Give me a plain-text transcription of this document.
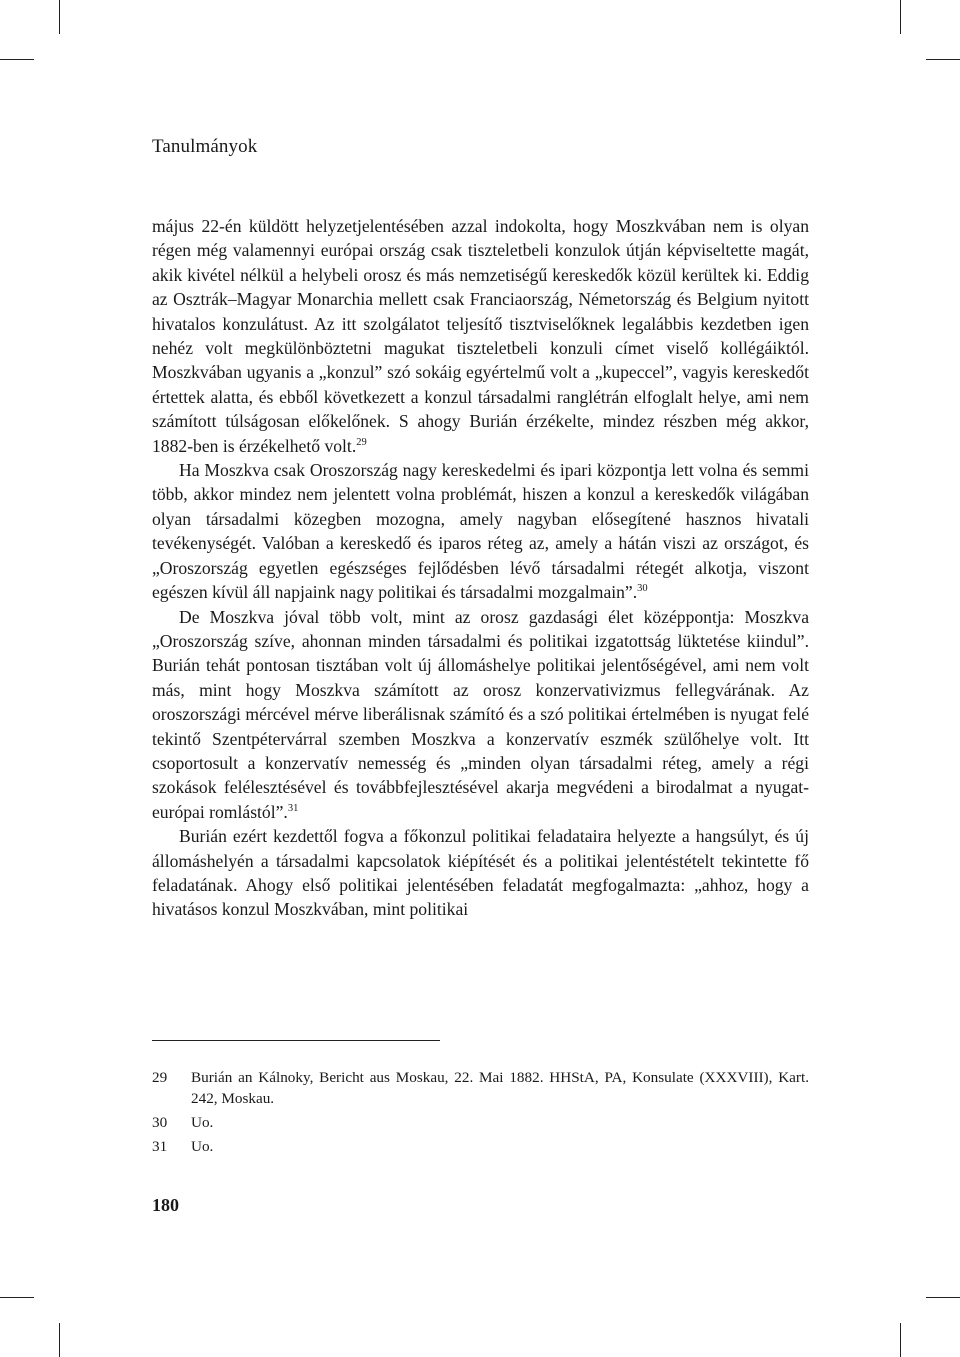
Tanulmányok

május 22-én küldött helyzetjelentésében azzal indokolta, hogy Moszkvában nem is olyan régen még valamennyi európai ország csak tiszteletbeli konzulok útján képviseltette magát, akik kivétel nélkül a helybeli orosz és más nemzetiségű kereskedők közül kerültek ki. Eddig az Osztrák–Magyar Monarchia mellett csak Franciaország, Németország és Belgium nyitott hivatalos konzulátust. Az itt szolgálatot teljesítő tisztviselőknek legalábbis kezdetben igen nehéz volt megkülönböztetni magukat tiszteletbeli konzuli címet viselő kollégáiktól. Moszkvában ugyanis a „konzul” szó sokáig egyértelmű volt a „kupeccel”, vagyis kereskedőt értettek alatta, és ebből következett a konzul társadalmi ranglétrán elfoglalt helye, ami nem számított túlságosan előkelőnek. S ahogy Burián érzékelte, mindez részben még akkor, 1882-ben is érzékelhető volt.$^{29}$

Ha Moszkva csak Oroszország nagy kereskedelmi és ipari központja lett volna és semmi több, akkor mindez nem jelentett volna problémát, hiszen a konzul a kereskedők világában olyan társadalmi közegben mozogna, amely nagyban elősegítené hasznos hivatali tevékenységét. Valóban a kereskedő és iparos réteg az, amely a hátán viszi az országot, és „Oroszország egyetlen egészséges fejlődésben lévő társadalmi rétegét alkotja, viszont egészen kívül áll napjaink nagy politikai és társadalmi mozgalmain”.$^{30}$

De Moszkva jóval több volt, mint az orosz gazdasági élet középpontja: Moszkva „Oroszország szíve, ahonnan minden társadalmi és politikai izgatottság lüktetése kiindul”. Burián tehát pontosan tisztában volt új állomáshelye politikai jelentőségével, ami nem volt más, mint hogy Moszkva számított az orosz konzervativizmus fellegvárának. Az oroszországi mércével mérve liberálisnak számító és a szó politikai értelmében is nyugat felé tekintő Szentpétervárral szemben Moszkva a konzervatív eszmék szülőhelye volt. Itt csoportosult a konzervatív nemesség és „minden olyan társadalmi réteg, amely a régi szokások felélesztésével és továbbfejlesztésével akarja megvédeni a birodalmat a nyugat-európai romlástól”.$^{31}$

Burián ezért kezdettől fogva a főkonzul politikai feladataira helyezte a hangsúlyt, és új állomáshelyén a társadalmi kapcsolatok kiépítését és a politikai jelentéstételt tekintette fő feladatának. Ahogy első politikai jelentésében feladatát megfogalmazta: „ahhoz, hogy a hivatásos konzul Moszkvában, mint politikai

29	Burián an Kálnoky, Bericht aus Moskau, 22. Mai 1882. HHStA, PA, Konsulate (XXXVIII), Kart. 242, Moskau.
30	Uo.
31	Uo.
180
